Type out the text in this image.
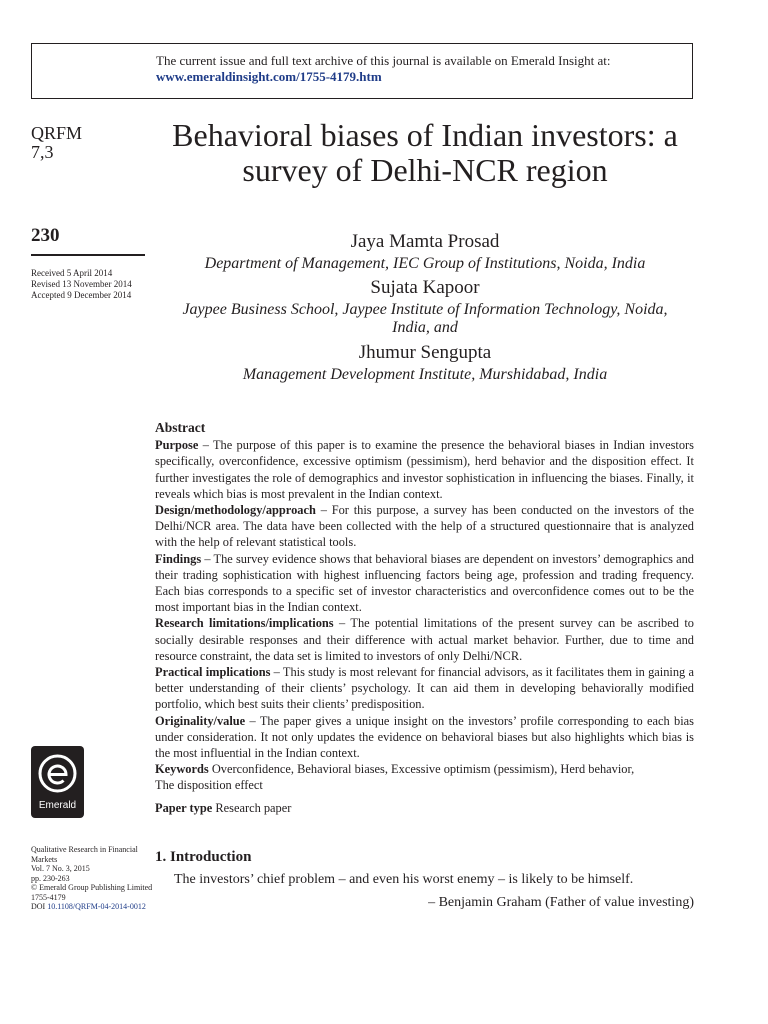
The current issue and full text archive of this journal is available on Emerald Insight at:
www.emeraldinsight.com/1755-4179.htm
QRFM
7,3
230
Received 5 April 2014
Revised 13 November 2014
Accepted 9 December 2014
Behavioral biases of Indian investors: a survey of Delhi-NCR region
Jaya Mamta Prosad
Department of Management, IEC Group of Institutions, Noida, India
Sujata Kapoor
Jaypee Business School, Jaypee Institute of Information Technology, Noida, India, and
Jhumur Sengupta
Management Development Institute, Murshidabad, India
Abstract

Purpose – The purpose of this paper is to examine the presence the behavioral biases in Indian investors specifically, overconfidence, excessive optimism (pessimism), herd behavior and the disposition effect. It further investigates the role of demographics and investor sophistication in influencing the biases. Finally, it reveals which bias is most prevalent in the Indian context.

Design/methodology/approach – For this purpose, a survey has been conducted on the investors of the Delhi/NCR area. The data have been collected with the help of a structured questionnaire that is analyzed with the help of relevant statistical tools.

Findings – The survey evidence shows that behavioral biases are dependent on investors’ demographics and their trading sophistication with highest influencing factors being age, profession and trading frequency. Each bias corresponds to a specific set of investor characteristics and overconfidence comes out to be the most important bias in the Indian context.

Research limitations/implications – The potential limitations of the present survey can be ascribed to socially desirable responses and their difference with actual market behavior. Further, due to time and resource constraint, the data set is limited to investors of only Delhi/NCR.

Practical implications – This study is most relevant for financial advisors, as it facilitates them in gaining a better understanding of their clients’ psychology. It can aid them in developing behaviorally modified portfolio, which best suits their clients’ predisposition.

Originality/value – The paper gives a unique insight on the investors’ profile corresponding to each bias under consideration. It not only updates the evidence on behavioral biases but also highlights which bias is the most influential in the Indian context.

Keywords Overconfidence, Behavioral biases, Excessive optimism (pessimism), Herd behavior,
The disposition effect

Paper type Research paper

Emerald
Qualitative Research in Financial
Markets
Vol. 7 No. 3, 2015
pp. 230-263
© Emerald Group Publishing Limited
1755-4179
DOI 10.1108/QRFM-04-2014-0012
1. Introduction
The investors’ chief problem – and even his worst enemy – is likely to be himself.
– Benjamin Graham (Father of value investing)
